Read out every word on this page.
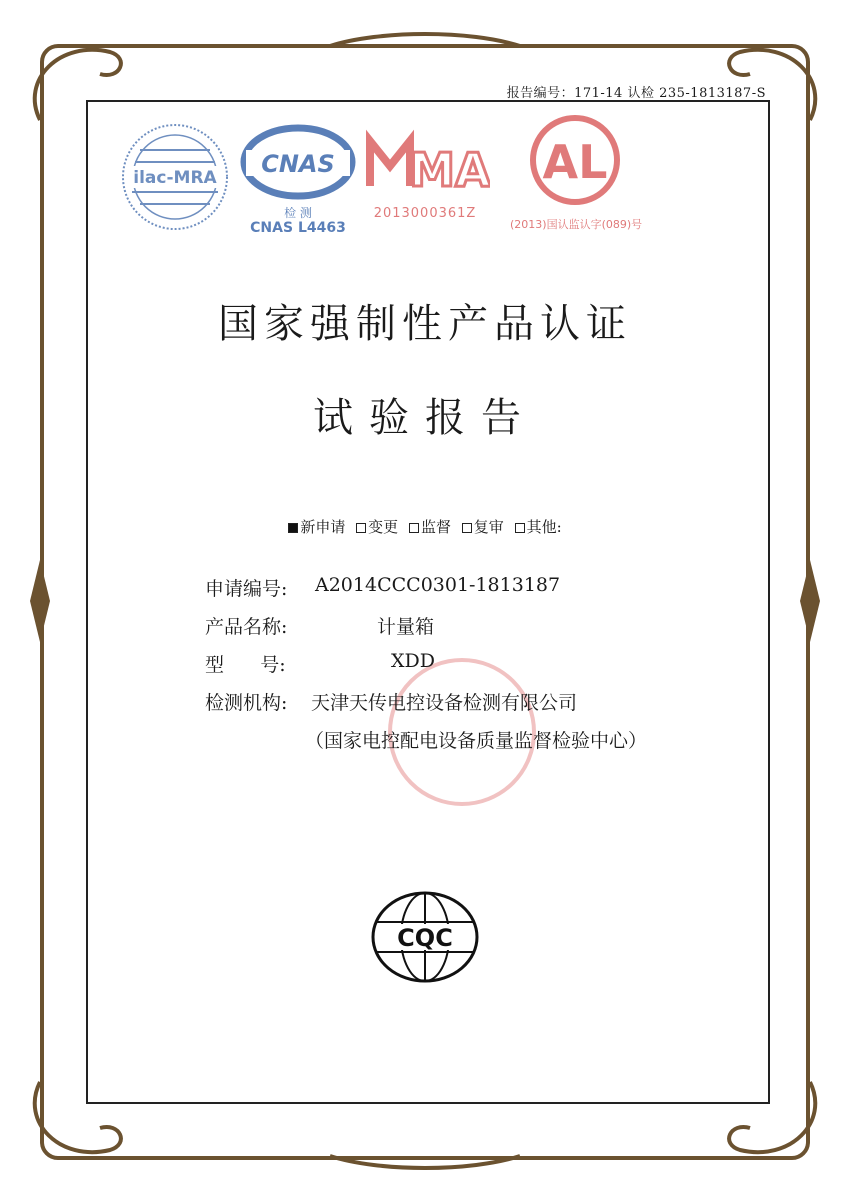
报告编号：171-14 认检 235-1813187-S
ilac-MRA CNAS
检 测
CNAS L4463
MA
2013000361Z
AL
(2013)国认监认字(089)号
国家强制性产品认证
试验报告
新申请 变更 监督 复审 其他:
申请编号: A2014CCC0301-1813187
产品名称:	计量箱
型      号:	XDD
检测机构: 天津天传电控设备检测有限公司
（国家电控配电设备质量监督检验中心）
CQC
